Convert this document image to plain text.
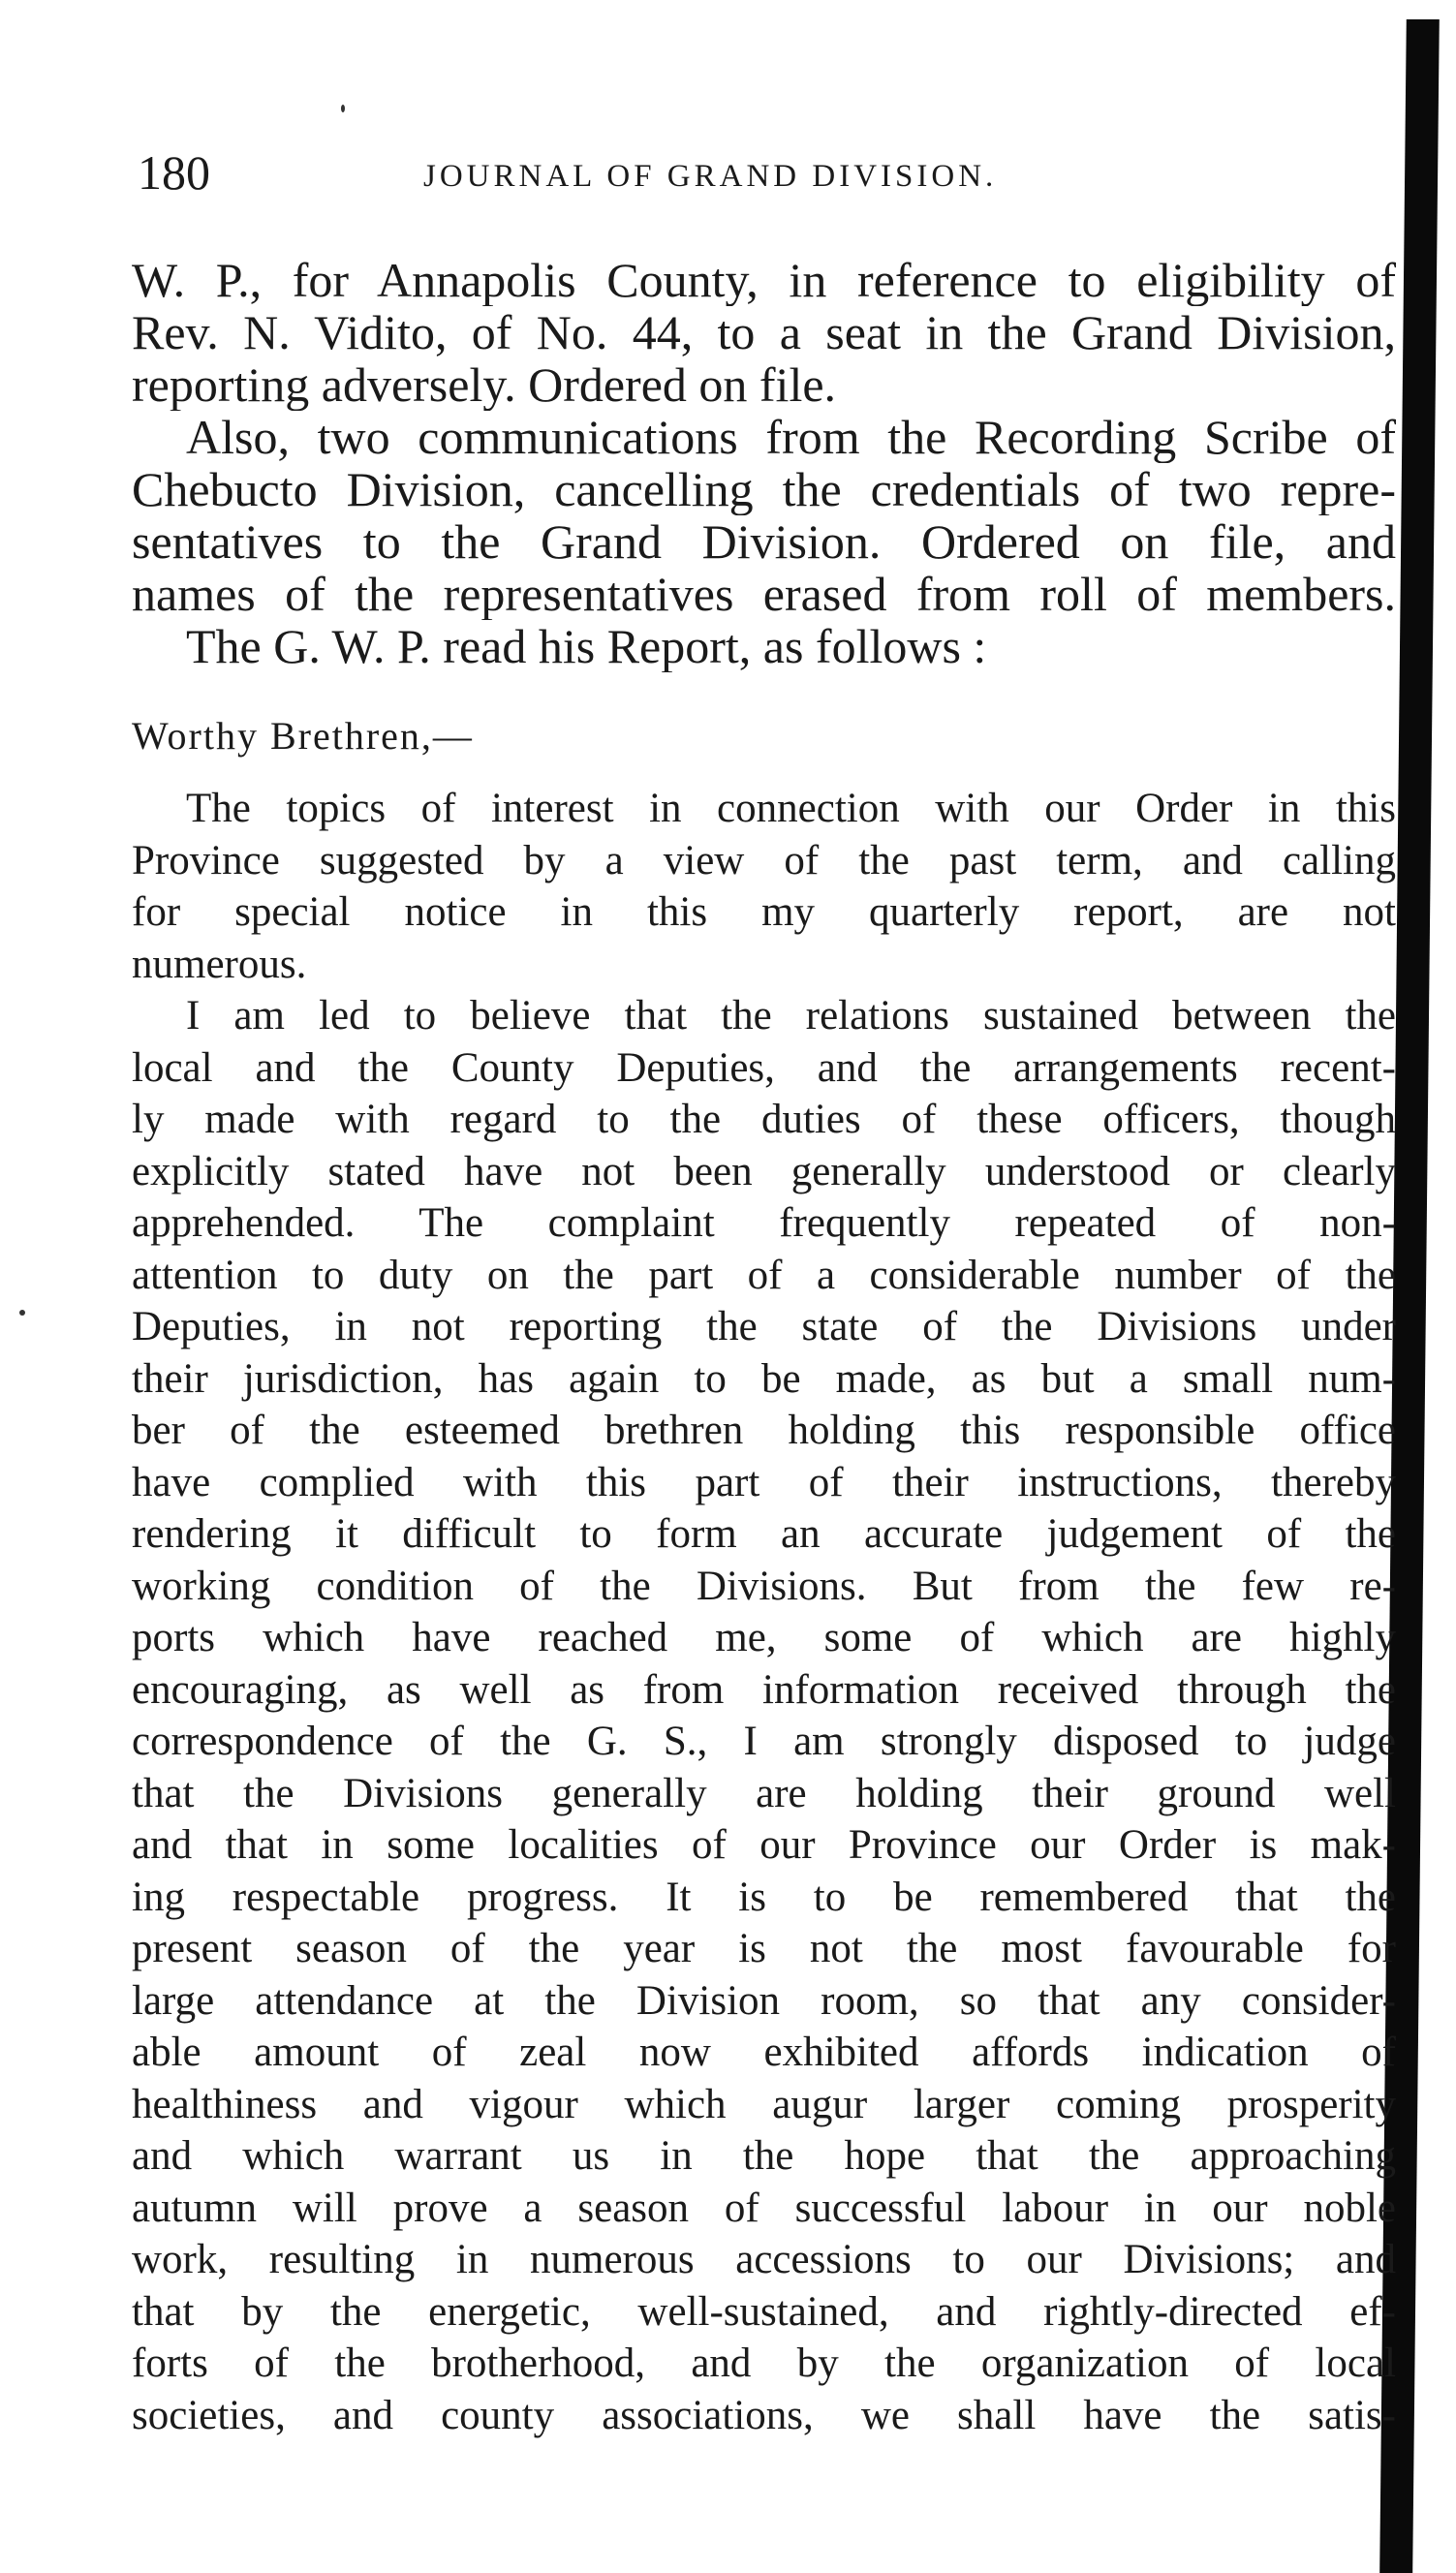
180	JOURNAL OF GRAND DIVISION.
W. P., for Annapolis County, in reference to eligibility of
Rev. N. Vidito, of No. 44, to a seat in the Grand Division,
reporting adversely. Ordered on file.
Also, two communications from the Recording Scribe of
Chebucto Division, cancelling the credentials of two repre-
sentatives to the Grand Division. Ordered on file, and
names of the representatives erased from roll of members.
The G. W. P. read his Report, as follows :
Worthy Brethren,—
The topics of interest in connection with our Order in this
Province suggested by a view of the past term, and calling
for special notice in this my quarterly report, are not
numerous.
I am led to believe that the relations sustained between the
local and the County Deputies, and the arrangements recent-
ly made with regard to the duties of these officers, though
explicitly stated have not been generally understood or clearly
apprehended. The complaint frequently repeated of non-
attention to duty on the part of a considerable number of the
Deputies, in not reporting the state of the Divisions under
their jurisdiction, has again to be made, as but a small num-
ber of the esteemed brethren holding this responsible office
have complied with this part of their instructions, thereby
rendering it difficult to form an accurate judgement of the
working condition of the Divisions. But from the few re-
ports which have reached me, some of which are highly
encouraging, as well as from information received through the
correspondence of the G. S., I am strongly disposed to judge
that the Divisions generally are holding their ground well
and that in some localities of our Province our Order is mak-
ing respectable progress. It is to be remembered that the
present season of the year is not the most favourable for
large attendance at the Division room, so that any consider-
able amount of zeal now exhibited affords indication of
healthiness and vigour which augur larger coming prosperity
and which warrant us in the hope that the approaching
autumn will prove a season of successful labour in our noble
work, resulting in numerous accessions to our Divisions; and
that by the energetic, well-sustained, and rightly-directed ef-
forts of the brotherhood, and by the organization of local
societies, and county associations, we shall have the satis-
